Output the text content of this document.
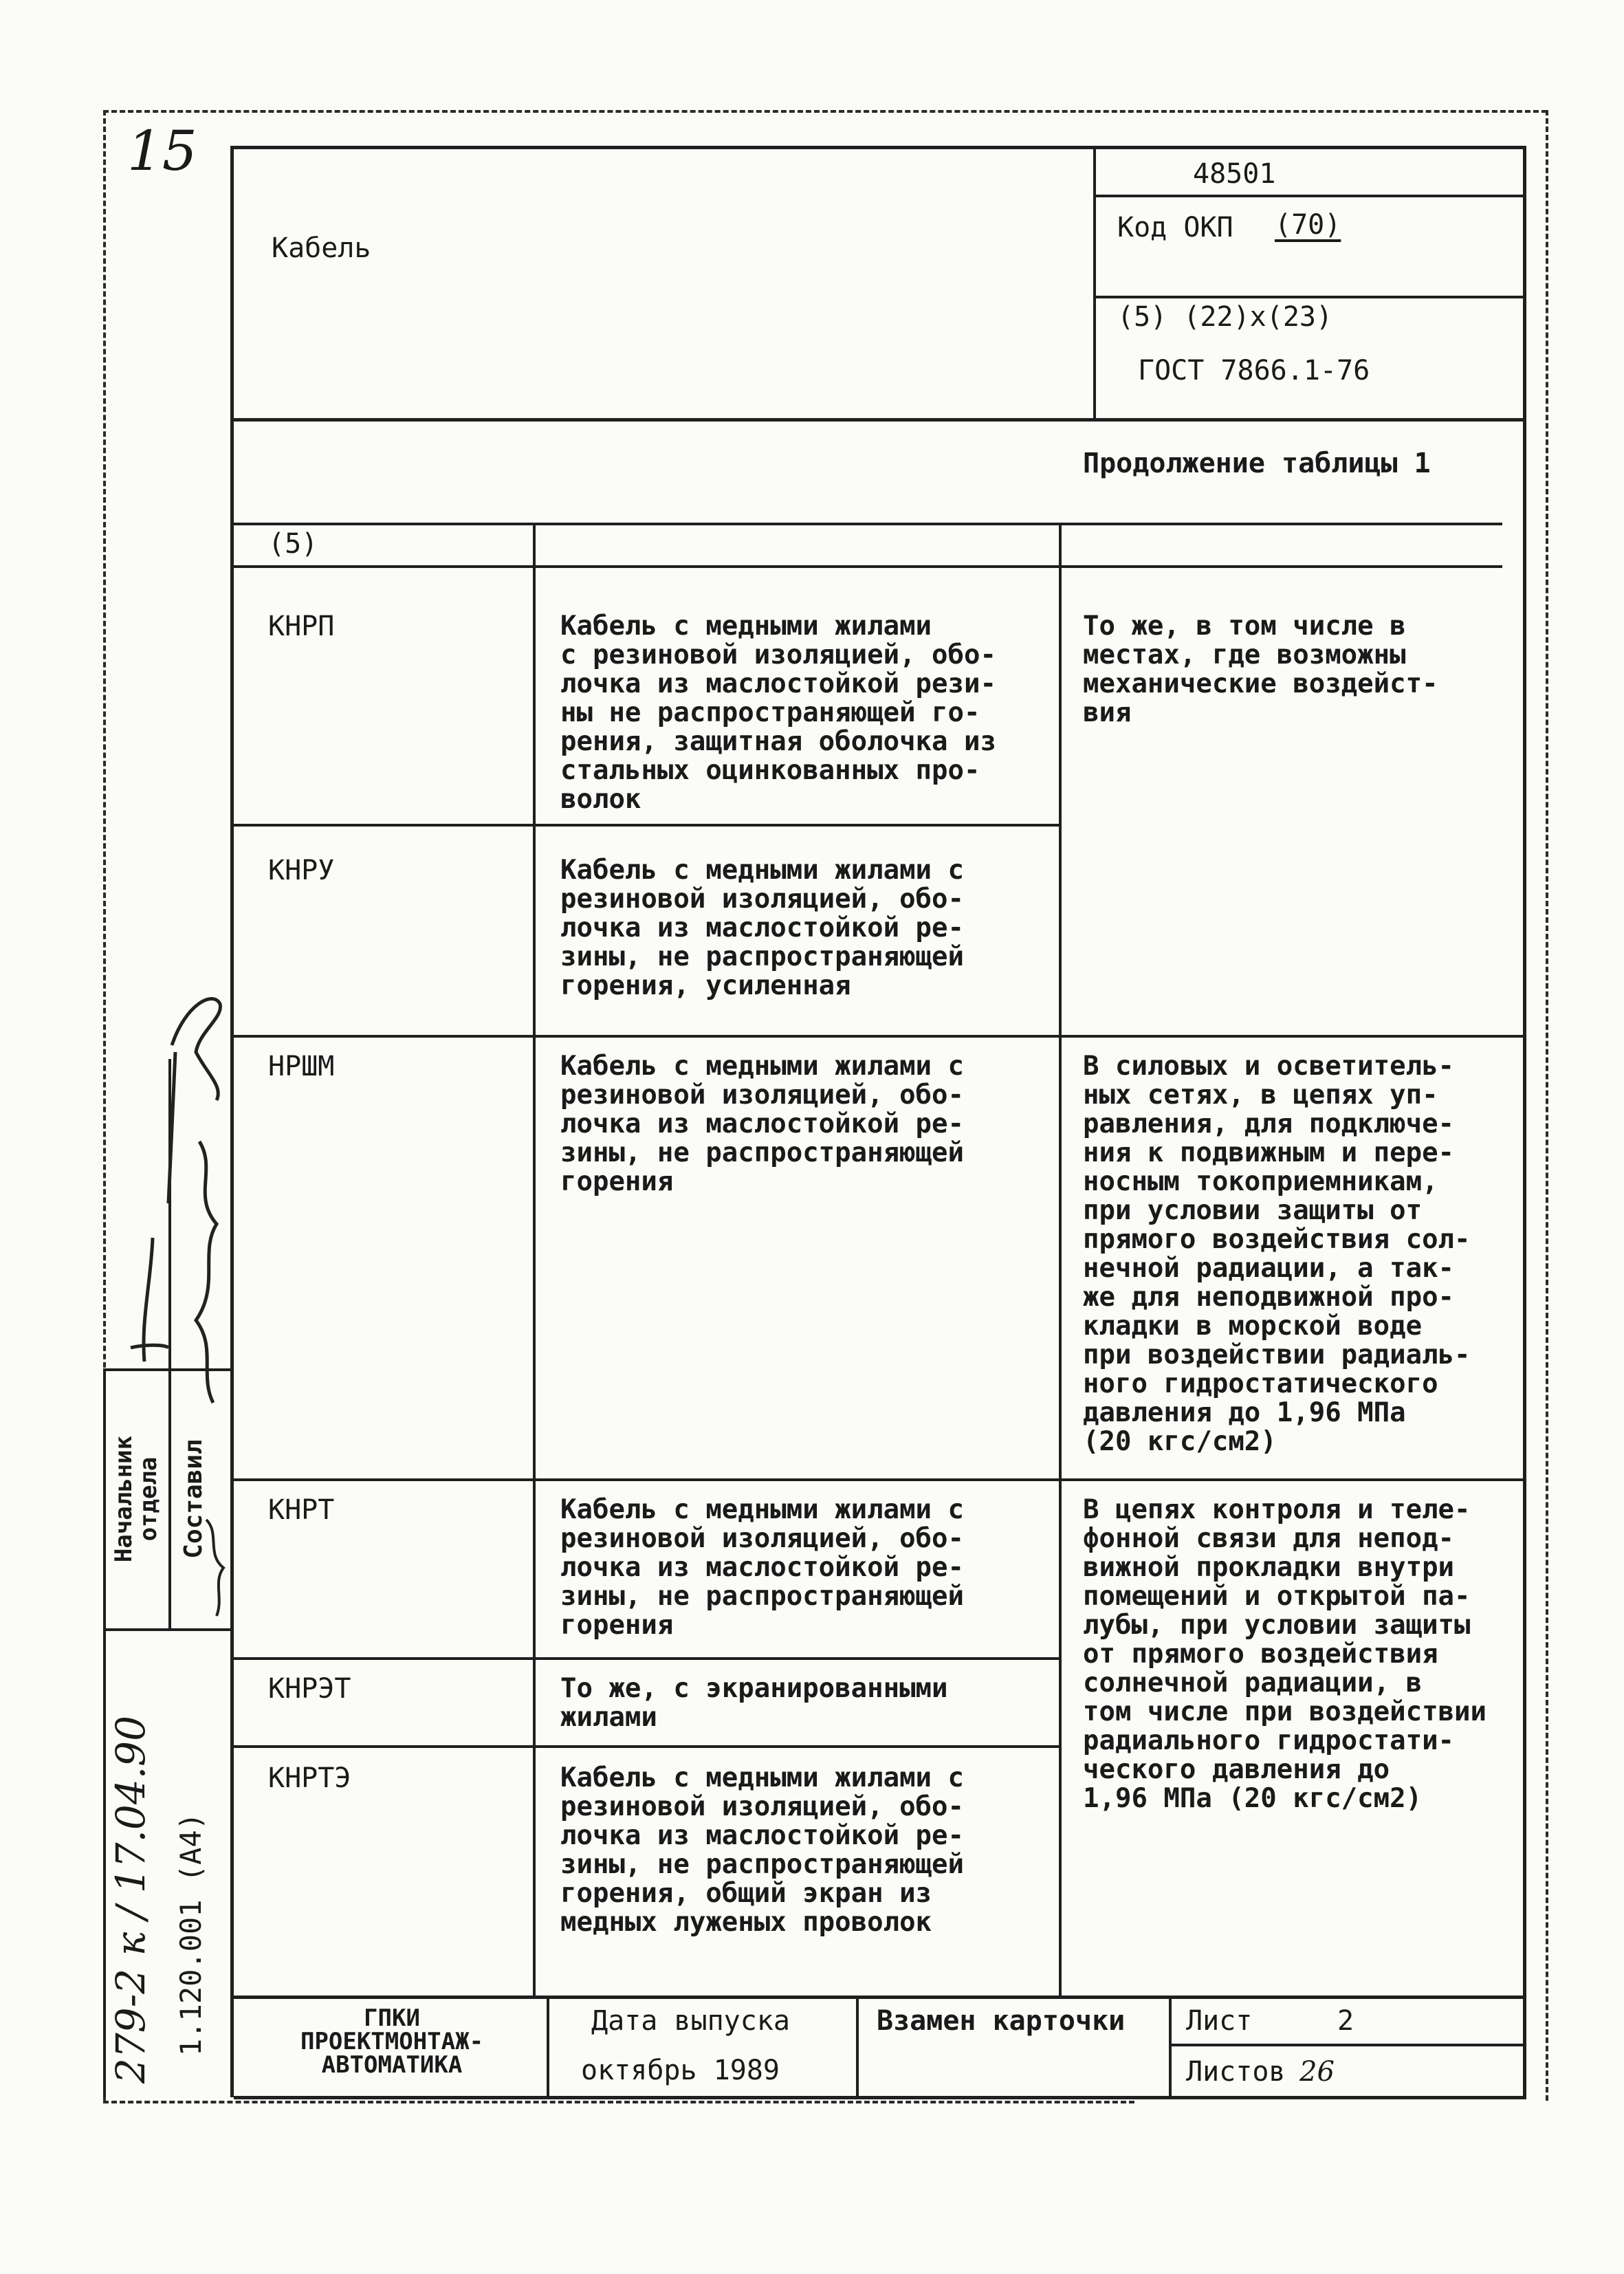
15
Кабель
48501
Код ОКП	(70)
(5) (22)x(23)
ГОСТ 7866.1-76
Продолжение таблицы 1
(5)
КНРП
КНРУ
НРШМ
КНРТ
КНРЭТ
КНРТЭ
Кабель с медными жилами
с резиновой изоляцией, обо-
лочка из маслостойкой рези-
ны не распространяющей го-
рения, защитная оболочка из
стальных оцинкованных про-
волок
Кабель с медными жилами с
резиновой изоляцией, обо-
лочка из маслостойкой ре-
зины, не распространяющей
горения, усиленная
Кабель с медными жилами с
резиновой изоляцией, обо-
лочка из маслостойкой ре-
зины, не распространяющей
горения
Кабель с медными жилами с
резиновой изоляцией, обо-
лочка из маслостойкой ре-
зины, не распространяющей
горения
То же, с экранированными
жилами
Кабель с медными жилами с
резиновой изоляцией, обо-
лочка из маслостойкой ре-
зины, не распространяющей
горения, общий экран из
медных луженых проволок
То же, в том числе в
местах, где возможны
механические воздейст-
вия
В силовых и осветитель-
ных сетях, в цепях уп-
равления, для подключе-
ния к подвижным и пере-
носным токоприемникам,
при условии защиты от
прямого воздействия сол-
нечной радиации, а так-
же для неподвижной про-
кладки в морской воде
при воздействии радиаль-
ного гидростатического
давления до 1,96 МПа
(20 кгс/см2)
В цепях контроля и теле-
фонной связи для непод-
вижной прокладки внутри
помещений и открытой па-
лубы, при условии защиты
от прямого воздействия
солнечной радиации, в
том числе при воздействии
радиального гидростати-
ческого давления до
1,96 МПа (20 кгс/см2)
ГПКИ
ПРОЕКТМОНТАЖ-
АВТОМАТИКА
Дата выпуска
октябрь 1989
Взамен карточки Лист	2
Листов 26
Начальник
отдела Составил
1.120.001 (А4)
279-2 к / 17.04.90
